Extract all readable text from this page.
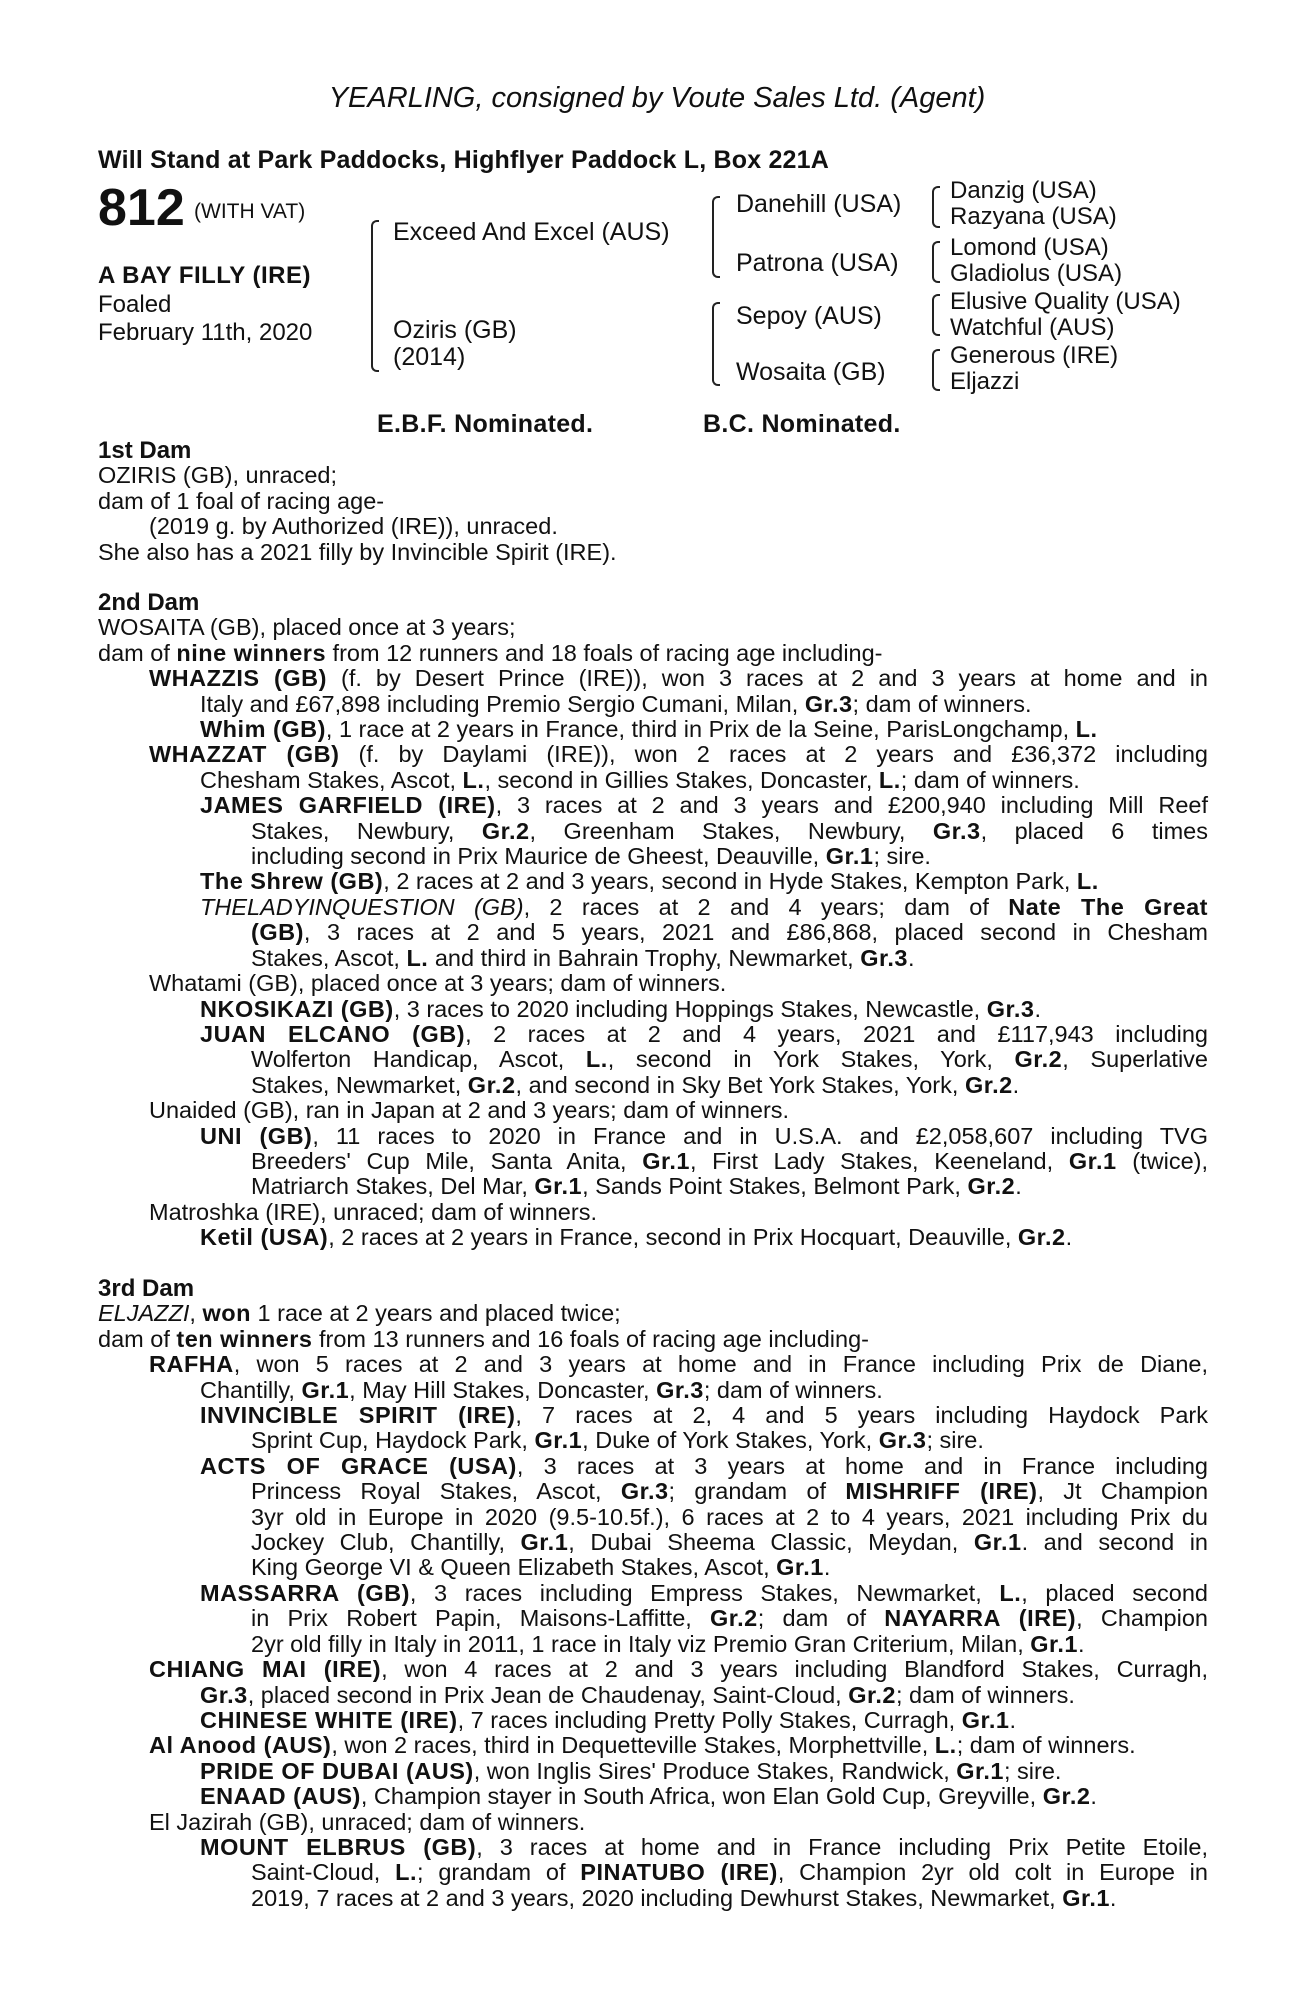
YEARLING, consigned by Voute Sales Ltd. (Agent)
Will Stand at Park Paddocks, Highflyer Paddock L, Box 221A
812 (WITH VAT)
A BAY FILLY (IRE)
Foaled
February 11th, 2020
Exceed And Excel (AUS)
Oziris (GB)
(2014)
Danehill (USA)
Patrona (USA)
Sepoy (AUS)
Wosaita (GB)
Danzig (USA)
Razyana (USA)
Lomond (USA)
Gladiolus (USA)
Elusive Quality (USA)
Watchful (AUS)
Generous (IRE)
Eljazzi
E.B.F. Nominated.	B.C. Nominated.
1st Dam
OZIRIS (GB), unraced;
dam of 1 foal of racing age-
(2019 g. by Authorized (IRE)), unraced.
She also has a 2021 filly by Invincible Spirit (IRE).
2nd Dam
WOSAITA (GB), placed once at 3 years;
dam of nine winners from 12 runners and 18 foals of racing age including-
WHAZZIS (GB) (f. by Desert Prince (IRE)), won 3 races at 2 and 3 years at home and in
Italy and £67,898 including Premio Sergio Cumani, Milan, Gr.3; dam of winners.
Whim (GB), 1 race at 2 years in France, third in Prix de la Seine, ParisLongchamp, L.
WHAZZAT (GB) (f. by Daylami (IRE)), won 2 races at 2 years and £36,372 including
Chesham Stakes, Ascot, L., second in Gillies Stakes, Doncaster, L.; dam of winners.
JAMES GARFIELD (IRE), 3 races at 2 and 3 years and £200,940 including Mill Reef
Stakes, Newbury, Gr.2, Greenham Stakes, Newbury, Gr.3, placed 6 times
including second in Prix Maurice de Gheest, Deauville, Gr.1; sire.
The Shrew (GB), 2 races at 2 and 3 years, second in Hyde Stakes, Kempton Park, L.
THELADYINQUESTION (GB), 2 races at 2 and 4 years; dam of Nate The Great
(GB), 3 races at 2 and 5 years, 2021 and £86,868, placed second in Chesham
Stakes, Ascot, L. and third in Bahrain Trophy, Newmarket, Gr.3.
Whatami (GB), placed once at 3 years; dam of winners.
NKOSIKAZI (GB), 3 races to 2020 including Hoppings Stakes, Newcastle, Gr.3.
JUAN ELCANO (GB), 2 races at 2 and 4 years, 2021 and £117,943 including
Wolferton Handicap, Ascot, L., second in York Stakes, York, Gr.2, Superlative
Stakes, Newmarket, Gr.2, and second in Sky Bet York Stakes, York, Gr.2.
Unaided (GB), ran in Japan at 2 and 3 years; dam of winners.
UNI (GB), 11 races to 2020 in France and in U.S.A. and £2,058,607 including TVG
Breeders' Cup Mile, Santa Anita, Gr.1, First Lady Stakes, Keeneland, Gr.1 (twice),
Matriarch Stakes, Del Mar, Gr.1, Sands Point Stakes, Belmont Park, Gr.2.
Matroshka (IRE), unraced; dam of winners.
Ketil (USA), 2 races at 2 years in France, second in Prix Hocquart, Deauville, Gr.2.
3rd Dam
ELJAZZI, won 1 race at 2 years and placed twice;
dam of ten winners from 13 runners and 16 foals of racing age including-
RAFHA, won 5 races at 2 and 3 years at home and in France including Prix de Diane,
Chantilly, Gr.1, May Hill Stakes, Doncaster, Gr.3; dam of winners.
INVINCIBLE SPIRIT (IRE), 7 races at 2, 4 and 5 years including Haydock Park
Sprint Cup, Haydock Park, Gr.1, Duke of York Stakes, York, Gr.3; sire.
ACTS OF GRACE (USA), 3 races at 3 years at home and in France including
Princess Royal Stakes, Ascot, Gr.3; grandam of MISHRIFF (IRE), Jt Champion
3yr old in Europe in 2020 (9.5-10.5f.), 6 races at 2 to 4 years, 2021 including Prix du
Jockey Club, Chantilly, Gr.1, Dubai Sheema Classic, Meydan, Gr.1. and second in
King George VI & Queen Elizabeth Stakes, Ascot, Gr.1.
MASSARRA (GB), 3 races including Empress Stakes, Newmarket, L., placed second
in Prix Robert Papin, Maisons-Laffitte, Gr.2; dam of NAYARRA (IRE), Champion
2yr old filly in Italy in 2011, 1 race in Italy viz Premio Gran Criterium, Milan, Gr.1.
CHIANG MAI (IRE), won 4 races at 2 and 3 years including Blandford Stakes, Curragh,
Gr.3, placed second in Prix Jean de Chaudenay, Saint-Cloud, Gr.2; dam of winners.
CHINESE WHITE (IRE), 7 races including Pretty Polly Stakes, Curragh, Gr.1.
Al Anood (AUS), won 2 races, third in Dequetteville Stakes, Morphettville, L.; dam of winners.
PRIDE OF DUBAI (AUS), won Inglis Sires' Produce Stakes, Randwick, Gr.1; sire.
ENAAD (AUS), Champion stayer in South Africa, won Elan Gold Cup, Greyville, Gr.2.
El Jazirah (GB), unraced; dam of winners.
MOUNT ELBRUS (GB), 3 races at home and in France including Prix Petite Etoile,
Saint-Cloud, L.; grandam of PINATUBO (IRE), Champion 2yr old colt in Europe in
2019, 7 races at 2 and 3 years, 2020 including Dewhurst Stakes, Newmarket, Gr.1.
